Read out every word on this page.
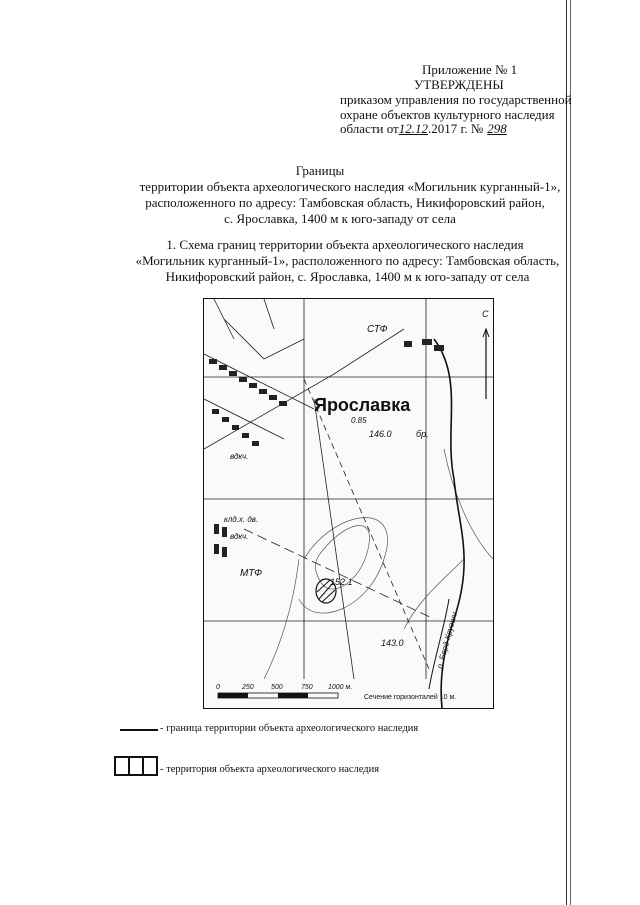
Приложение № 1
УТВЕРЖДЕНЫ
приказом управления по государственной
охране объектов культурного наследия
области от12.12.2017 г. № 298
Границы
территории объекта археологического наследия «Могильник курганный-1»,
расположенного по адресу: Тамбовская область, Никифоровский район,
с. Ярославка, 1400 м к юго-западу от села
1. Схема границ территории объекта археологического наследия
«Могильник курганный-1», расположенного по адресу: Тамбовская область,
Никифоровский район, с. Ярославка, 1400 м к юго-западу от села
С
Ярославка
СТФ
МТФ
вдкч.
вдкч.
клд.х. дв.
0.85
146.0	бр.
152.1
143.0	р. Берд-Кругши
0	250 500	750 1000 м.
Сечение горизонталей 10 м.
- граница территории объекта археологического наследия
- территория объекта археологического наследия
